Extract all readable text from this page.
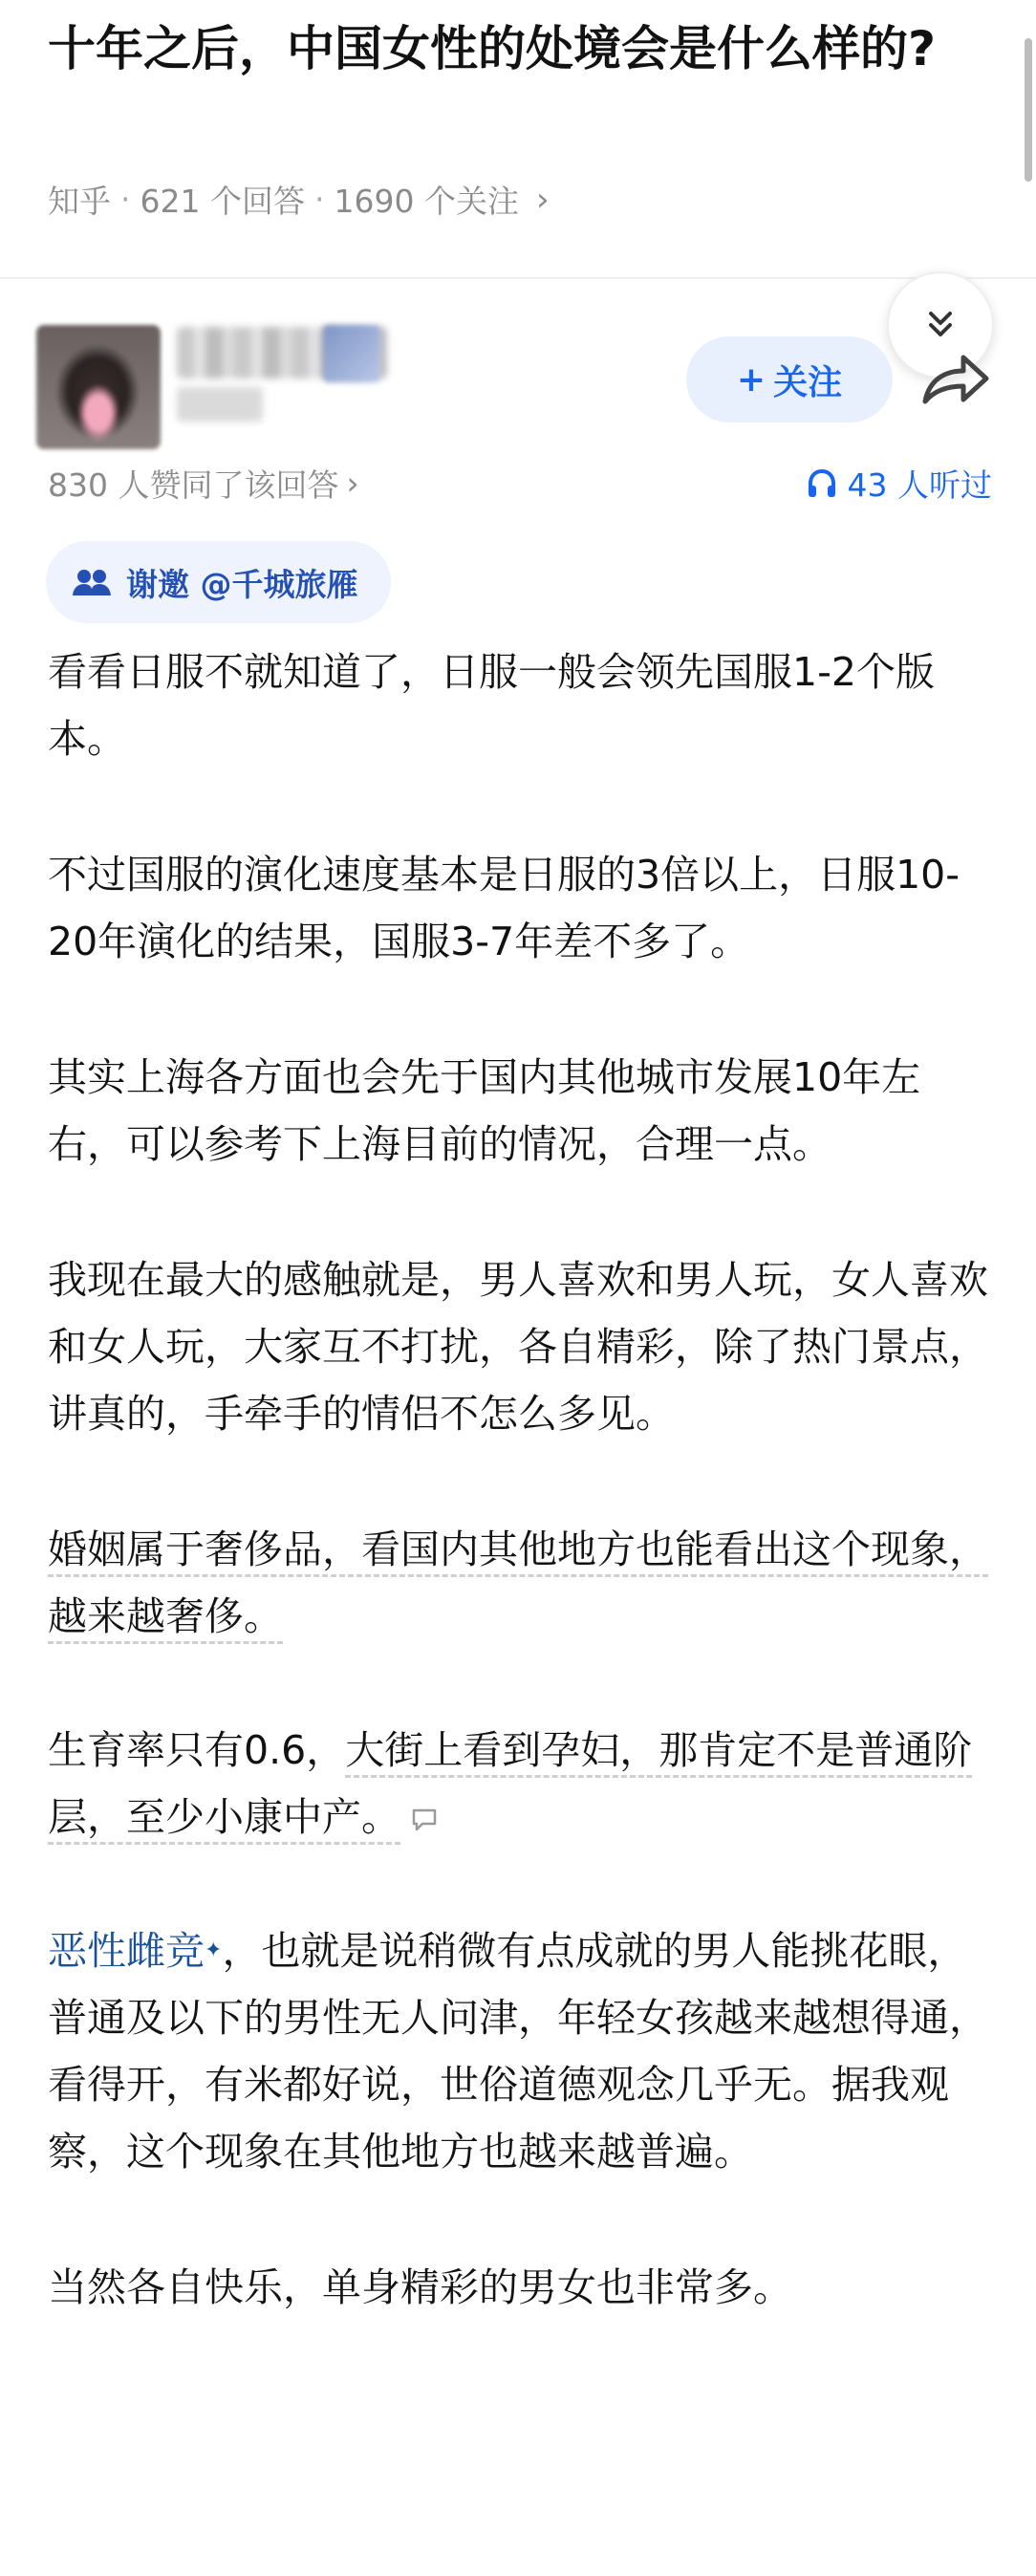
十年之后，中国女性的处境会是什么样的?
知乎 · 621 个回答 · 1690 个关注 ›
+ 关注
830 人赞同了该回答 ›	43 人听过
谢邀 @千城旅雁

看看日服不就知道了，日服一般会领先国服1-2个版本。

不过国服的演化速度基本是日服的3倍以上，日服10-20年演化的结果，国服3-7年差不多了。

其实上海各方面也会先于国内其他城市发展10年左右，可以参考下上海目前的情况，合理一点。

我现在最大的感触就是，男人喜欢和男人玩，女人喜欢和女人玩，大家互不打扰，各自精彩，除了热门景点，讲真的，手牵手的情侣不怎么多见。

婚姻属于奢侈品，看国内其他地方也能看出这个现象，越来越奢侈。

生育率只有0.6，大街上看到孕妇，那肯定不是普通阶层，至少小康中产。

恶性雌竞✦，也就是说稍微有点成就的男人能挑花眼，普通及以下的男性无人问津，年轻女孩越来越想得通，看得开，有米都好说，世俗道德观念几乎无。据我观察，这个现象在其他地方也越来越普遍。

当然各自快乐，单身精彩的男女也非常多。
